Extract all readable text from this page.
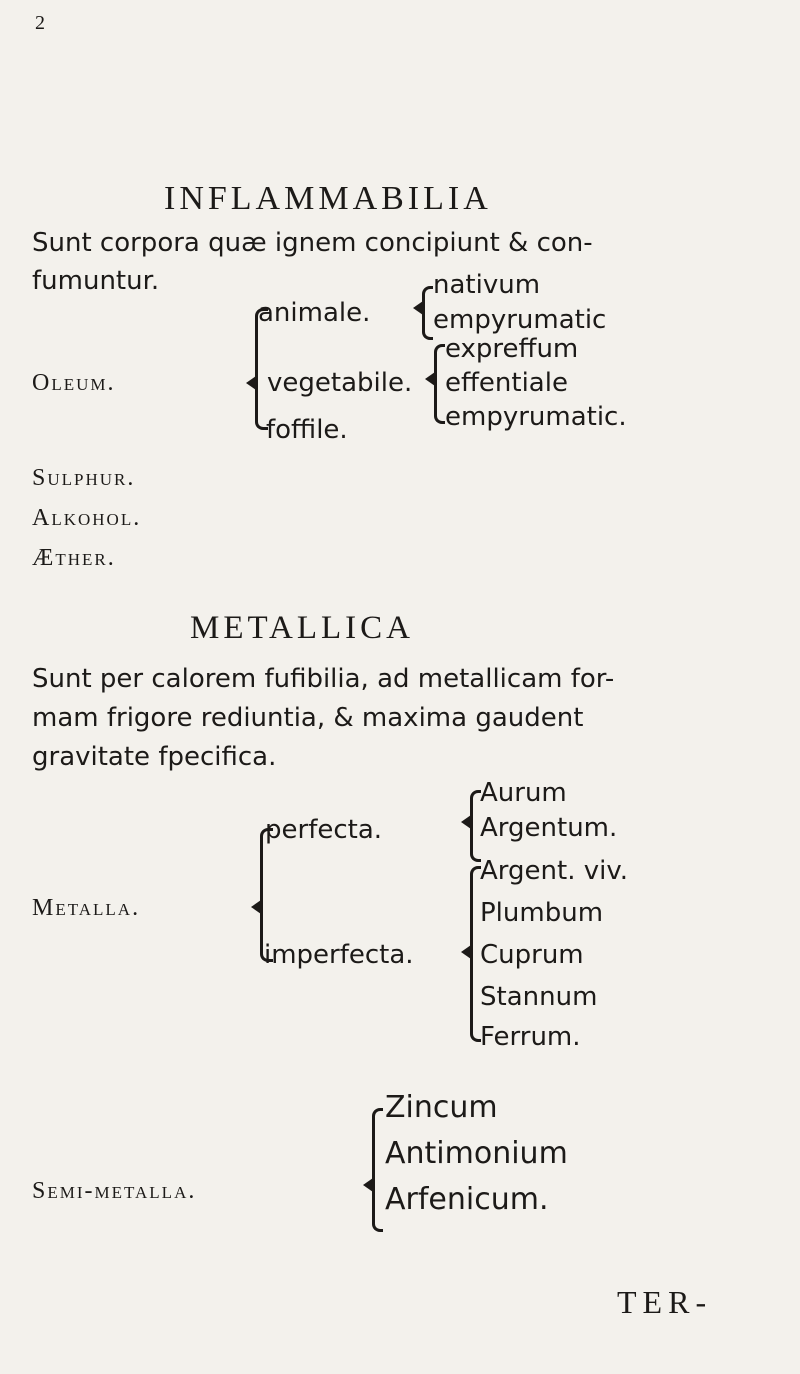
2
INFLAMMABILIA
Sunt corpora quæ ignem concipiunt & con-
fumuntur.
Oleum.
animale.
vegetabile.
foffile.
nativum
empyrumatic
expreffum
effentiale
empyrumatic.
Sulphur.
Alkohol.
Æther.
METALLICA
Sunt per calorem fufibilia, ad metallicam for-
mam frigore rediuntia, & maxima gaudent
gravitate fpecifica.
Metalla.
perfecta.
imperfecta.
Aurum
Argentum.
Argent. viv.
Plumbum
Cuprum
Stannum
Ferrum.
Semi-metalla.
Zincum
Antimonium
Arfenicum.
TER-
